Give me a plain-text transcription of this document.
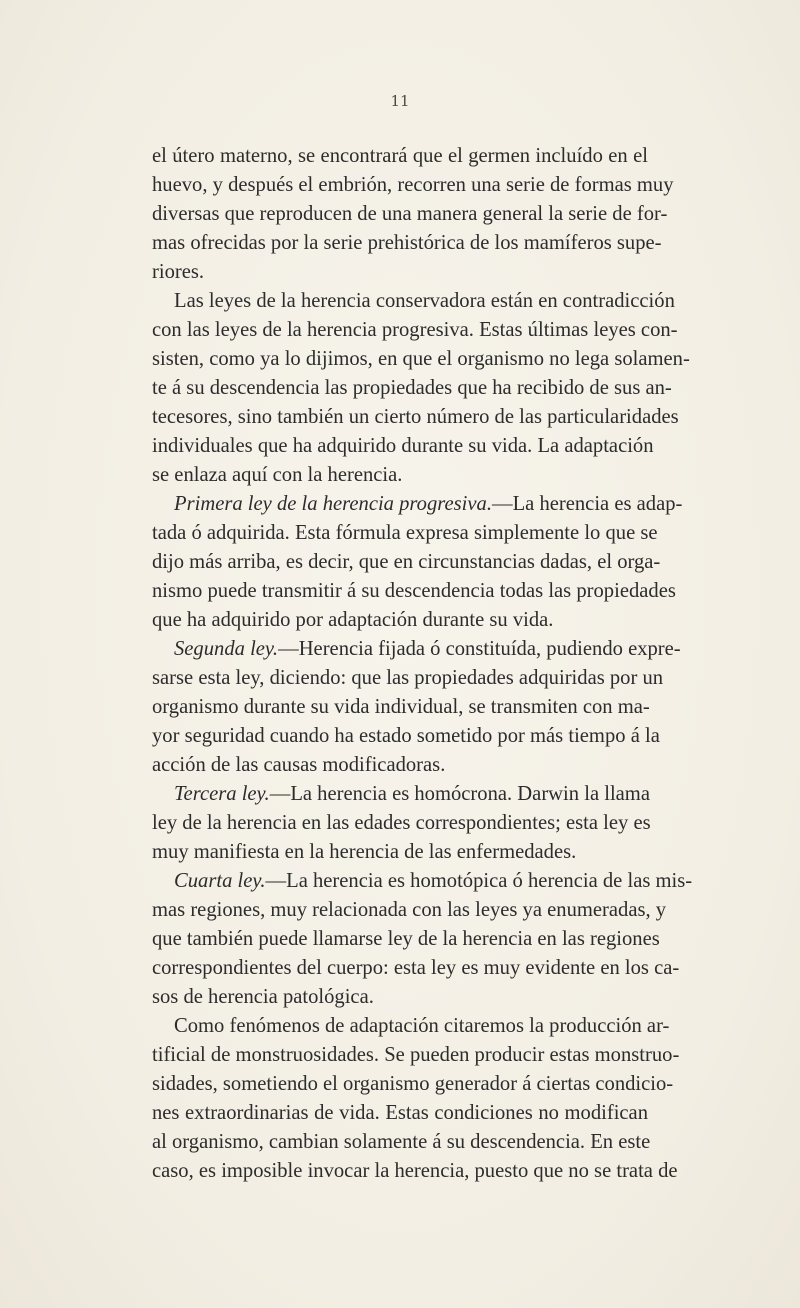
11
el útero materno, se encontrará que el germen incluído en el
huevo, y después el embrión, recorren una serie de formas muy
diversas que reproducen de una manera general la serie de for-
mas ofrecidas por la serie prehistórica de los mamíferos supe-
riores.
Las leyes de la herencia conservadora están en contradicción
con las leyes de la herencia progresiva. Estas últimas leyes con-
sisten, como ya lo dijimos, en que el organismo no lega solamen-
te á su descendencia las propiedades que ha recibido de sus an-
tecesores, sino también un cierto número de las particularidades
individuales que ha adquirido durante su vida. La adaptación
se enlaza aquí con la herencia.
Primera ley de la herencia progresiva.—La herencia es adap-
tada ó adquirida. Esta fórmula expresa simplemente lo que se
dijo más arriba, es decir, que en circunstancias dadas, el orga-
nismo puede transmitir á su descendencia todas las propiedades
que ha adquirido por adaptación durante su vida.
Segunda ley.—Herencia fijada ó constituída, pudiendo expre-
sarse esta ley, diciendo: que las propiedades adquiridas por un
organismo durante su vida individual, se transmiten con ma-
yor seguridad cuando ha estado sometido por más tiempo á la
acción de las causas modificadoras.
Tercera ley.—La herencia es homócrona. Darwin la llama
ley de la herencia en las edades correspondientes; esta ley es
muy manifiesta en la herencia de las enfermedades.
Cuarta ley.—La herencia es homotópica ó herencia de las mis-
mas regiones, muy relacionada con las leyes ya enumeradas, y
que también puede llamarse ley de la herencia en las regiones
correspondientes del cuerpo: esta ley es muy evidente en los ca-
sos de herencia patológica.
Como fenómenos de adaptación citaremos la producción ar-
tificial de monstruosidades. Se pueden producir estas monstruo-
sidades, sometiendo el organismo generador á ciertas condicio-
nes extraordinarias de vida. Estas condiciones no modifican
al organismo, cambian solamente á su descendencia. En este
caso, es imposible invocar la herencia, puesto que no se trata de
